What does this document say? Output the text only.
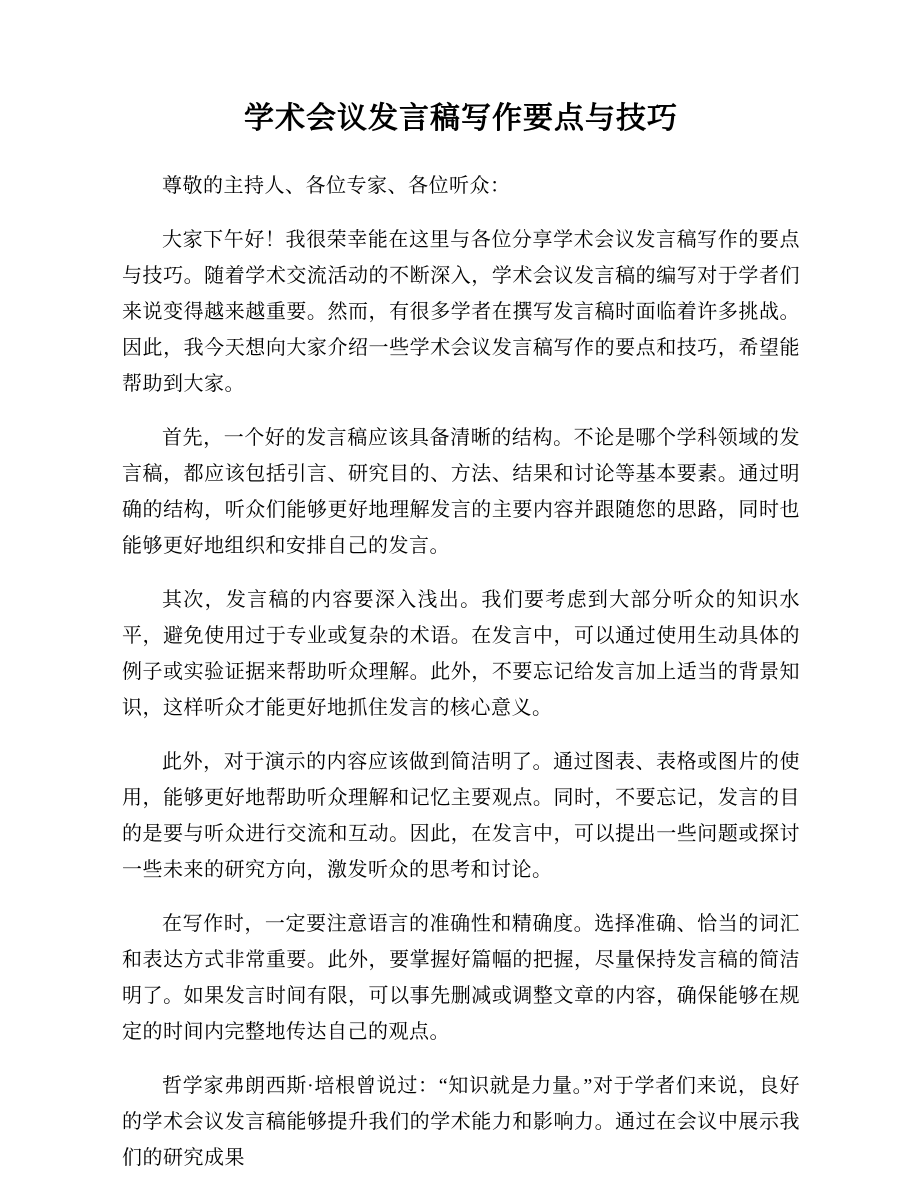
学术会议发言稿写作要点与技巧

尊敬的主持人、各位专家、各位听众：

大家下午好！我很荣幸能在这里与各位分享学术会议发言稿写作的要点与技巧。随着学术交流活动的不断深入，学术会议发言稿的编写对于学者们来说变得越来越重要。然而，有很多学者在撰写发言稿时面临着许多挑战。因此，我今天想向大家介绍一些学术会议发言稿写作的要点和技巧，希望能帮助到大家。

首先，一个好的发言稿应该具备清晰的结构。不论是哪个学科领域的发言稿，都应该包括引言、研究目的、方法、结果和讨论等基本要素。通过明确的结构，听众们能够更好地理解发言的主要内容并跟随您的思路，同时也能够更好地组织和安排自己的发言。

其次，发言稿的内容要深入浅出。我们要考虑到大部分听众的知识水平，避免使用过于专业或复杂的术语。在发言中，可以通过使用生动具体的例子或实验证据来帮助听众理解。此外，不要忘记给发言加上适当的背景知识，这样听众才能更好地抓住发言的核心意义。

此外，对于演示的内容应该做到简洁明了。通过图表、表格或图片的使用，能够更好地帮助听众理解和记忆主要观点。同时，不要忘记，发言的目的是要与听众进行交流和互动。因此，在发言中，可以提出一些问题或探讨一些未来的研究方向，激发听众的思考和讨论。

在写作时，一定要注意语言的准确性和精确度。选择准确、恰当的词汇和表达方式非常重要。此外，要掌握好篇幅的把握，尽量保持发言稿的简洁明了。如果发言时间有限，可以事先删减或调整文章的内容，确保能够在规定的时间内完整地传达自己的观点。

哲学家弗朗西斯·培根曾说过：“知识就是力量。”对于学者们来说，良好的学术会议发言稿能够提升我们的学术能力和影响力。通过在会议中展示我们的研究成果
